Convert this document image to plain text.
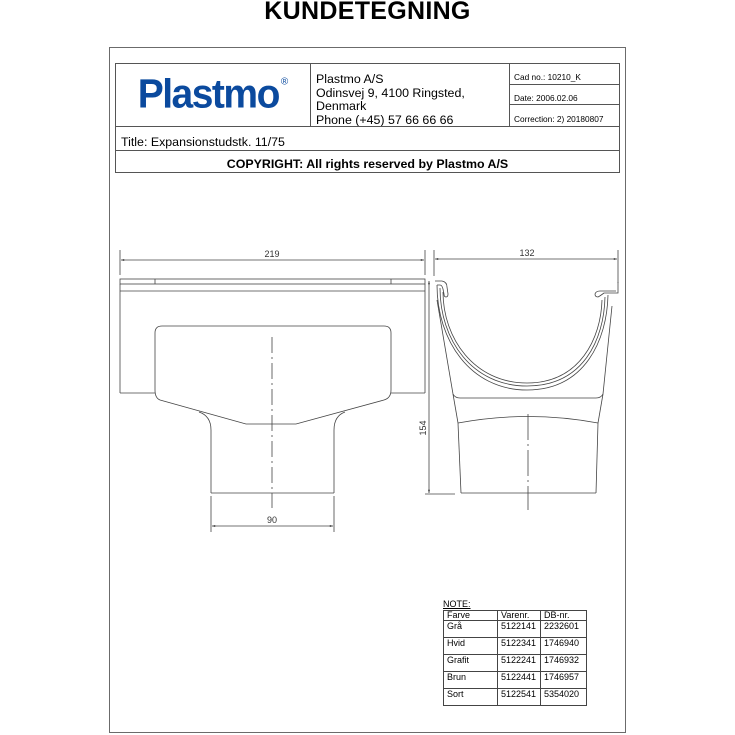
KUNDETEGNING
Plastmo ® Plastmo A/S
Odinsvej 9, 4100 Ringsted, Denmark
Phone (+45) 57 66 66 66
Cad no.: 10210_K
Date: 2006.02.06
Correction: 2) 20180807
Title: Expansionstudstk. 11/75
COPYRIGHT: All rights reserved by Plastmo A/S
219
90
132
154
NOTE:
Farve	Varenr.	DB-nr.
Grå	5122141	2232601
Hvid	5122341	1746940
Grafit	5122241	1746932
Brun	5122441	1746957
Sort	5122541	5354020
